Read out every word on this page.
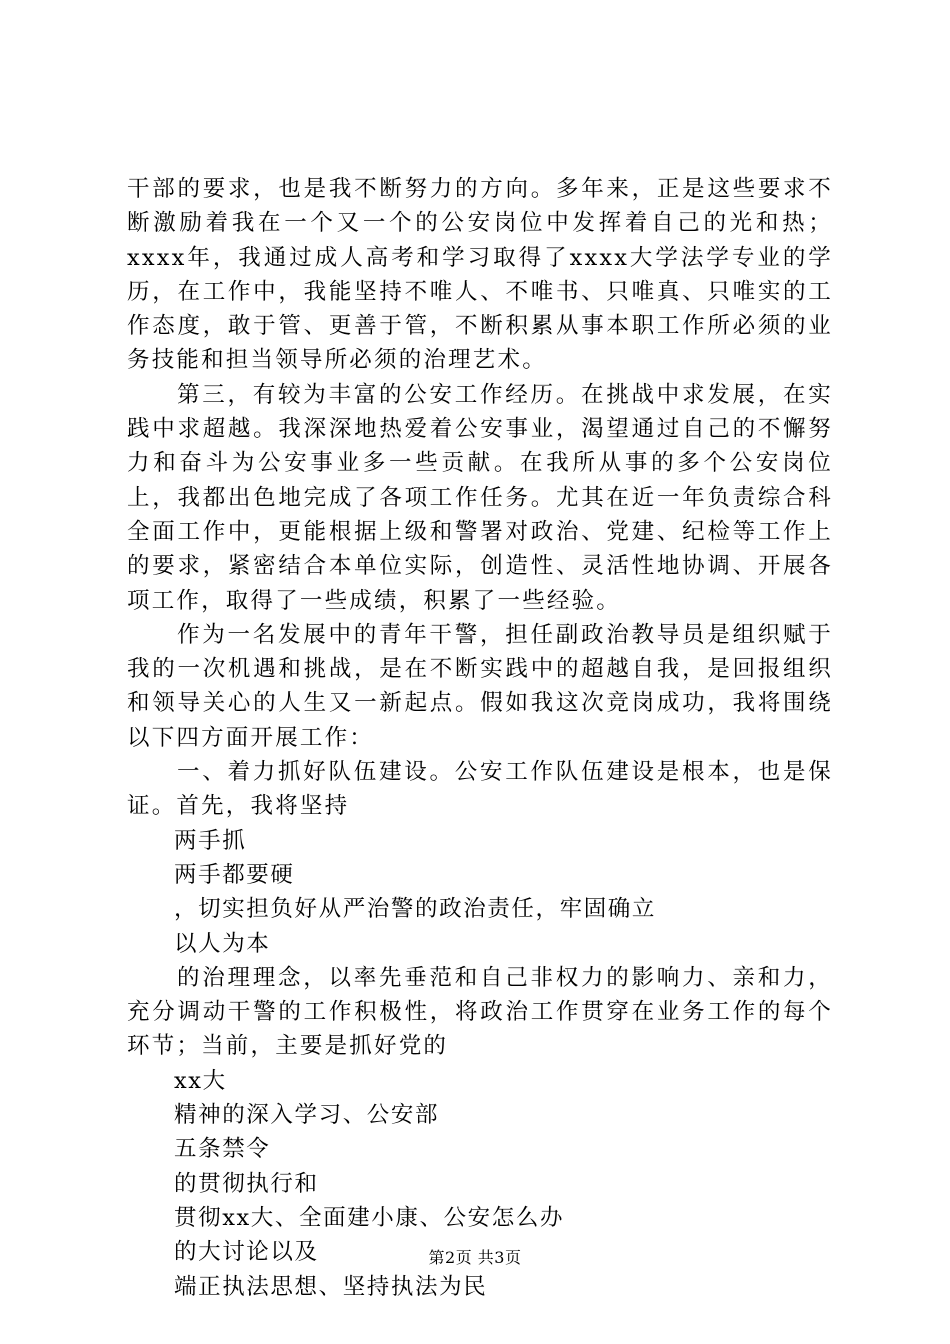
干部的要求，也是我不断努力的方向。多年来，正是这些要求不断激励着我在一个又一个的公安岗位中发挥着自己的光和热；xxxx年，我通过成人高考和学习取得了xxxx大学法学专业的学历，在工作中，我能坚持不唯人、不唯书、只唯真、只唯实的工作态度，敢于管、更善于管，不断积累从事本职工作所必须的业务技能和担当领导所必须的治理艺术。

第三，有较为丰富的公安工作经历。在挑战中求发展，在实践中求超越。我深深地热爱着公安事业，渴望通过自己的不懈努力和奋斗为公安事业多一些贡献。在我所从事的多个公安岗位上，我都出色地完成了各项工作任务。尤其在近一年负责综合科全面工作中，更能根据上级和警署对政治、党建、纪检等工作上的要求，紧密结合本单位实际，创造性、灵活性地协调、开展各项工作，取得了一些成绩，积累了一些经验。

作为一名发展中的青年干警，担任副政治教导员是组织赋于我的一次机遇和挑战，是在不断实践中的超越自我，是回报组织和领导关心的人生又一新起点。假如我这次竞岗成功，我将围绕以下四方面开展工作：

一、着力抓好队伍建设。公安工作队伍建设是根本，也是保证。首先，我将坚持

两手抓

两手都要硬

，切实担负好从严治警的政治责任，牢固确立

以人为本

的治理理念，以率先垂范和自己非权力的影响力、亲和力，充分调动干警的工作积极性，将政治工作贯穿在业务工作的每个环节；当前，主要是抓好党的

xx大

精神的深入学习、公安部

五条禁令

的贯彻执行和

贯彻xx大、全面建小康、公安怎么办

的大讨论以及

端正执法思想、坚持执法为民

第2页 共3页
